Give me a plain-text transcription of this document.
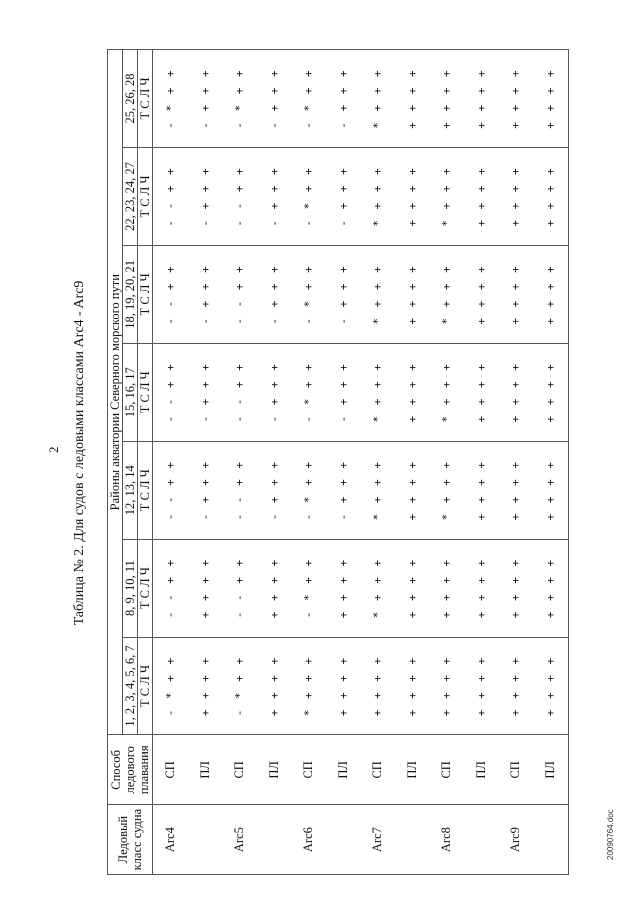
2 Таблица № 2. Для судов с ледовыми классами Arc4 - Arc9
20090764.doc
Ледовый класс судна	Способ ледового плавания	Районы акватории Северного морского пути						
		1, 2, 3, 4, 5, 6, 7	8, 9, 10, 11	12, 13, 14	15, 16, 17	18, 19, 20, 21	22, 23, 24, 27	25, 26, 28
		Т С Л Ч	Т С Л Ч	Т С Л Ч	Т С Л Ч	Т С Л Ч	Т С Л Ч	Т С Л Ч
Arc4	СП	- * + +	- - + +	- - + +	- - + +	- - + +	- - + +	- * + +
	ПЛ	+ + + +	+ + + +	- + + +	- + + +	- + + +	- + + +	- + + +
Arc5	СП	- * + +	- - + +	- - + +	- - + +	- - + +	- - + +	- * + +
	ПЛ	+ + + +	+ + + +	- + + +	- + + +	- + + +	- + + +	- + + +
Arc6	СП	* + + +	- * + +	- * + +	- * + +	- * + +	- * + +	- * + +
	ПЛ	+ + + +	+ + + +	- + + +	- + + +	- + + +	- + + +	- + + +
Arc7	СП	+ + + +	* + + +	* + + +	* + + +	* + + +	* + + +	* + + +
	ПЛ	+ + + +	+ + + +	+ + + +	+ + + +	+ + + +	+ + + +	+ + + +
Arc8	СП	+ + + +	+ + + +	* + + +	* + + +	* + + +	* + + +	+ + + +
	ПЛ	+ + + +	+ + + +	+ + + +	+ + + +	+ + + +	+ + + +	+ + + +
Arc9	СП	+ + + +	+ + + +	+ + + +	+ + + +	+ + + +	+ + + +	+ + + +
	ПЛ	+ + + +	+ + + +	+ + + +	+ + + +	+ + + +	+ + + +	+ + + +
